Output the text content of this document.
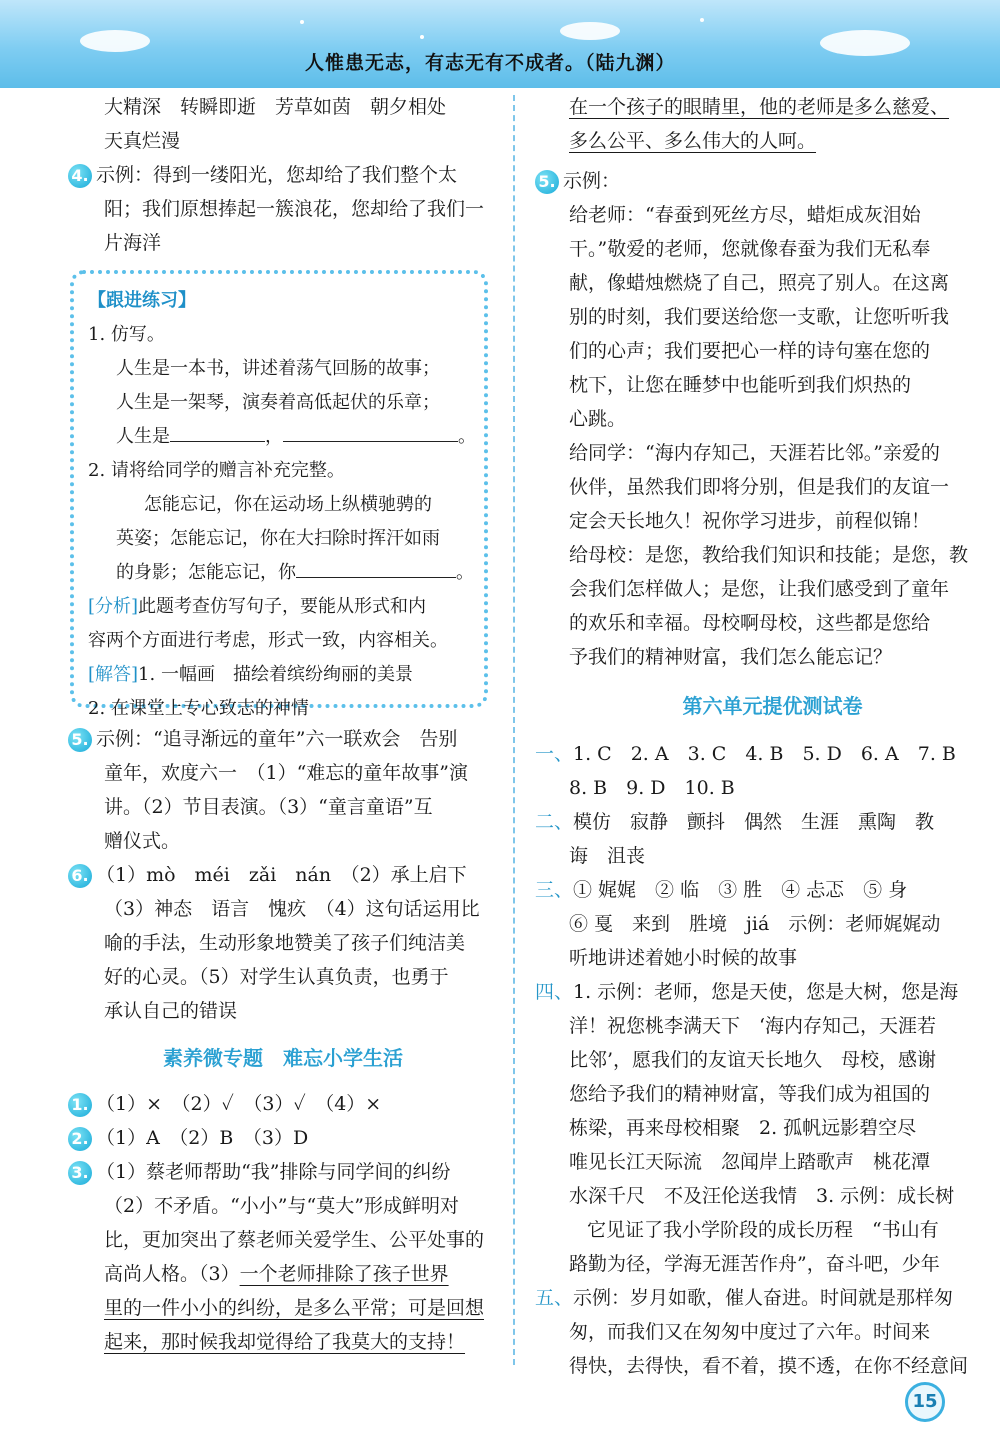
人惟患无志，有志无有不成者。（陆九渊）
大精深　转瞬即逝　芳草如茵　朝夕相处
天真烂漫
4. 示例：得到一缕阳光，您却给了我们整个太
阳；我们原想捧起一簇浪花，您却给了我们一
片海洋
【跟进练习】
1. 仿写。
人生是一本书，讲述着荡气回肠的故事；
人生是一架琴，演奏着高低起伏的乐章；
人生是	，	。
2. 请将给同学的赠言补充完整。
怎能忘记，你在运动场上纵横驰骋的
英姿；怎能忘记，你在大扫除时挥汗如雨
的身影；怎能忘记，你	。
[分析]此题考查仿写句子，要能从形式和内
容两个方面进行考虑，形式一致，内容相关。
[解答]1. 一幅画　描绘着缤纷绚丽的美景
2. 在课堂上专心致志的神情
5. 示例：“追寻渐远的童年”六一联欢会　告别
童年，欢度六一　（1）“难忘的童年故事”演
讲。（2）节目表演。（3）“童言童语”互
赠仪式。
6. （1）mò　méi　zǎi　nán　（2）承上启下
（3）神态　语言　愧疚　（4）这句话运用比
喻的手法，生动形象地赞美了孩子们纯洁美
好的心灵。（5）对学生认真负责，也勇于
承认自己的错误
素养微专题　难忘小学生活
1. （1）×　（2）✓　（3）✓　（4）×
2. （1）A　（2）B　（3）D
3. （1）蔡老师帮助“我”排除与同学间的纠纷
（2）不矛盾。“小小”与“莫大”形成鲜明对
比，更加突出了蔡老师关爱学生、公平处事的
高尚人格。（3）一个老师排除了孩子世界
里的一件小小的纠纷，是多么平常；可是回想
起来，那时候我却觉得给了我莫大的支持！
在一个孩子的眼睛里，他的老师是多么慈爱、
多么公平、多么伟大的人呵。
5. 示例：
给老师：“春蚕到死丝方尽，蜡炬成灰泪始
干。”敬爱的老师，您就像春蚕为我们无私奉
献，像蜡烛燃烧了自己，照亮了别人。在这离
别的时刻，我们要送给您一支歌，让您听听我
们的心声；我们要把心一样的诗句塞在您的
枕下，让您在睡梦中也能听到我们炽热的
心跳。
给同学：“海内存知己，天涯若比邻。”亲爱的
伙伴，虽然我们即将分别，但是我们的友谊一
定会天长地久！祝你学习进步，前程似锦！
给母校：是您，教给我们知识和技能；是您，教
会我们怎样做人；是您，让我们感受到了童年
的欢乐和幸福。母校啊母校，这些都是您给
予我们的精神财富，我们怎么能忘记？
第六单元提优测试卷
一、1. C　2. A　3. C　4. B　5. D　6. A　7. B
8. B　9. D　10. B
二、模仿　寂静　颤抖　偶然　生涯　熏陶　教
诲　沮丧
三、① 娓娓　② 临　③ 胜　④ 忐忑　⑤ 身
⑥ 戛　来到　胜境　jiá　示例：老师娓娓动
听地讲述着她小时候的故事
四、1. 示例：老师，您是天使，您是大树，您是海
洋！祝您桃李满天下　‘海内存知己，天涯若
比邻’，愿我们的友谊天长地久　母校，感谢
您给予我们的精神财富，等我们成为祖国的
栋梁，再来母校相聚　2. 孤帆远影碧空尽
唯见长江天际流　忽闻岸上踏歌声　桃花潭
水深千尺　不及汪伦送我情　3. 示例：成长树
它见证了我小学阶段的成长历程　“书山有
路勤为径，学海无涯苦作舟”，奋斗吧，少年
五、示例：岁月如歌，催人奋进。时间就是那样匆
匆，而我们又在匆匆中度过了六年。时间来
得快，去得快，看不着，摸不透，在你不经意间
15
